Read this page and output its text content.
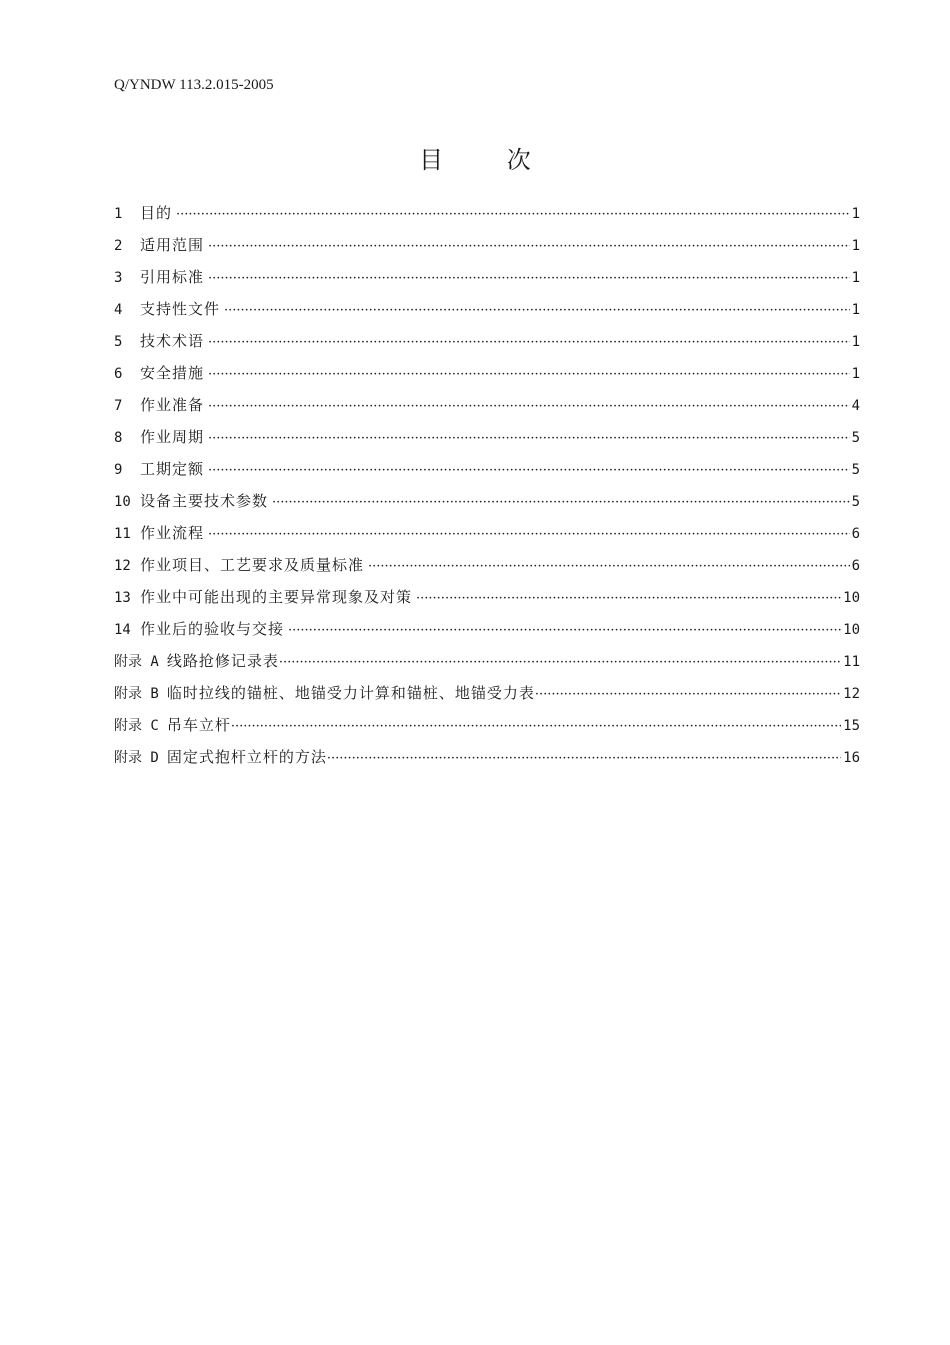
Q/YNDW 113.2.015-2005
目 次
1	目的 ·····	1
2	适用范围 ·····	1
3	引用标准 ·····	1
4	支持性文件 ·····	1
5	技术术语 ·····	1
6	安全措施 ·····	1
7	作业准备 ·····	4
8	作业周期 ·····	5
9	工期定额 ·····	5
10 设备主要技术参数 ·····	5
11 作业流程 ·····	6
12 作业项目、工艺要求及质量标准 ·····	6
13 作业中可能出现的主要异常现象及对策 ·····	10
14 作业后的验收与交接 ·····	10
附录 A 线路抢修记录表 ·····	11
附录 B 临时拉线的锚桩、地锚受力计算和锚桩、地锚受力表 ·····	12
附录 C 吊车立杆 ·····	15
附录 D 固定式抱杆立杆的方法 ·····	16
